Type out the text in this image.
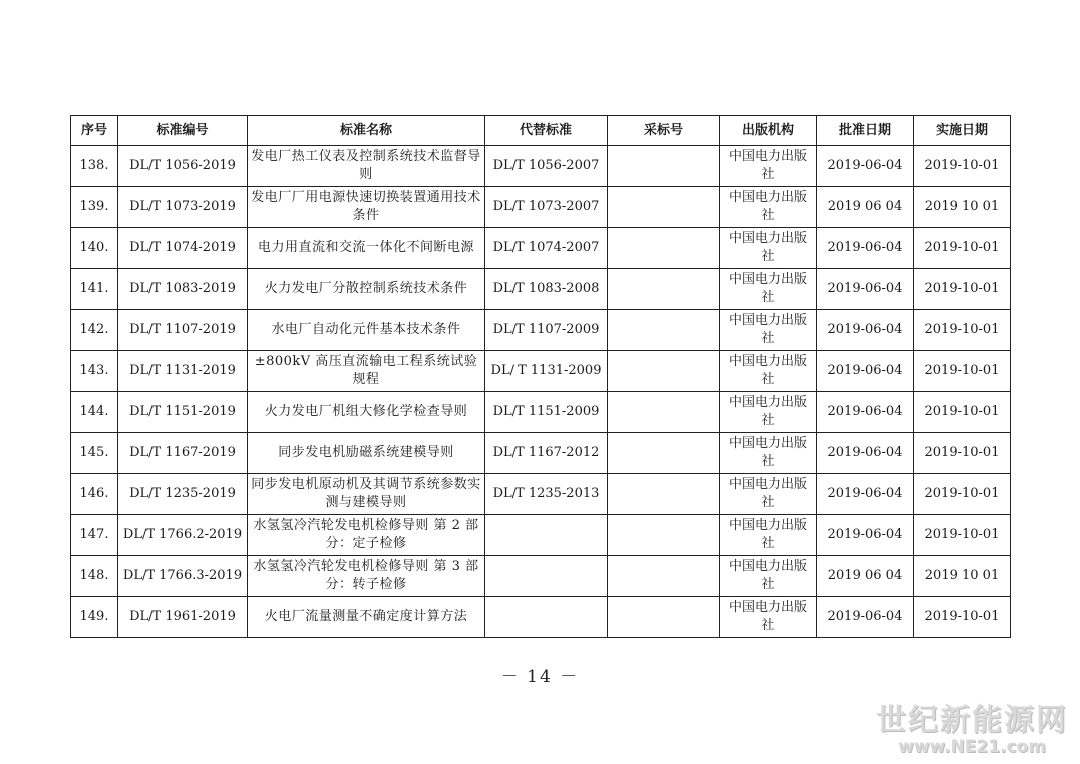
序号	标准编号	标准名称	代替标准	采标号	出版机构	批准日期	实施日期
138.	DL/T 1056-2019	发电厂热工仪表及控制系统技术监督导则	DL/T 1056-2007		中国电力出版社	2019-06-04	2019-10-01
139.	DL/T 1073-2019	发电厂厂用电源快速切换装置通用技术条件	DL/T 1073-2007		中国电力出版社	2019 06 04	2019 10 01
140.	DL/T 1074-2019	电力用直流和交流一体化不间断电源	DL/T 1074-2007		中国电力出版社	2019-06-04	2019-10-01
141.	DL/T 1083-2019	火力发电厂分散控制系统技术条件	DL/T 1083-2008		中国电力出版社	2019-06-04	2019-10-01
142.	DL/T 1107-2019	水电厂自动化元件基本技术条件	DL/T 1107-2009		中国电力出版社	2019-06-04	2019-10-01
143.	DL/T 1131-2019	±800kV 高压直流输电工程系统试验规程	DL/ T 1131-2009		中国电力出版社	2019-06-04	2019-10-01
144.	DL/T 1151-2019	火力发电厂机组大修化学检查导则	DL/T 1151-2009		中国电力出版社	2019-06-04	2019-10-01
145.	DL/T 1167-2019	同步发电机励磁系统建模导则	DL/T 1167-2012		中国电力出版社	2019-06-04	2019-10-01
146.	DL/T 1235-2019	同步发电机原动机及其调节系统参数实测与建模导则	DL/T 1235-2013		中国电力出版社	2019-06-04	2019-10-01
147.	DL/T 1766.2-2019	水氢氢冷汽轮发电机检修导则 第 2 部分：定子检修			中国电力出版社	2019-06-04	2019-10-01
148.	DL/T 1766.3-2019	水氢氢冷汽轮发电机检修导则 第 3 部分：转子检修			中国电力出版社	2019 06 04	2019 10 01
149.	DL/T 1961-2019	火电厂流量测量不确定度计算方法			中国电力出版社	2019-06-04	2019-10-01
－ 14 －
世纪新能源网
www.NE21.com
